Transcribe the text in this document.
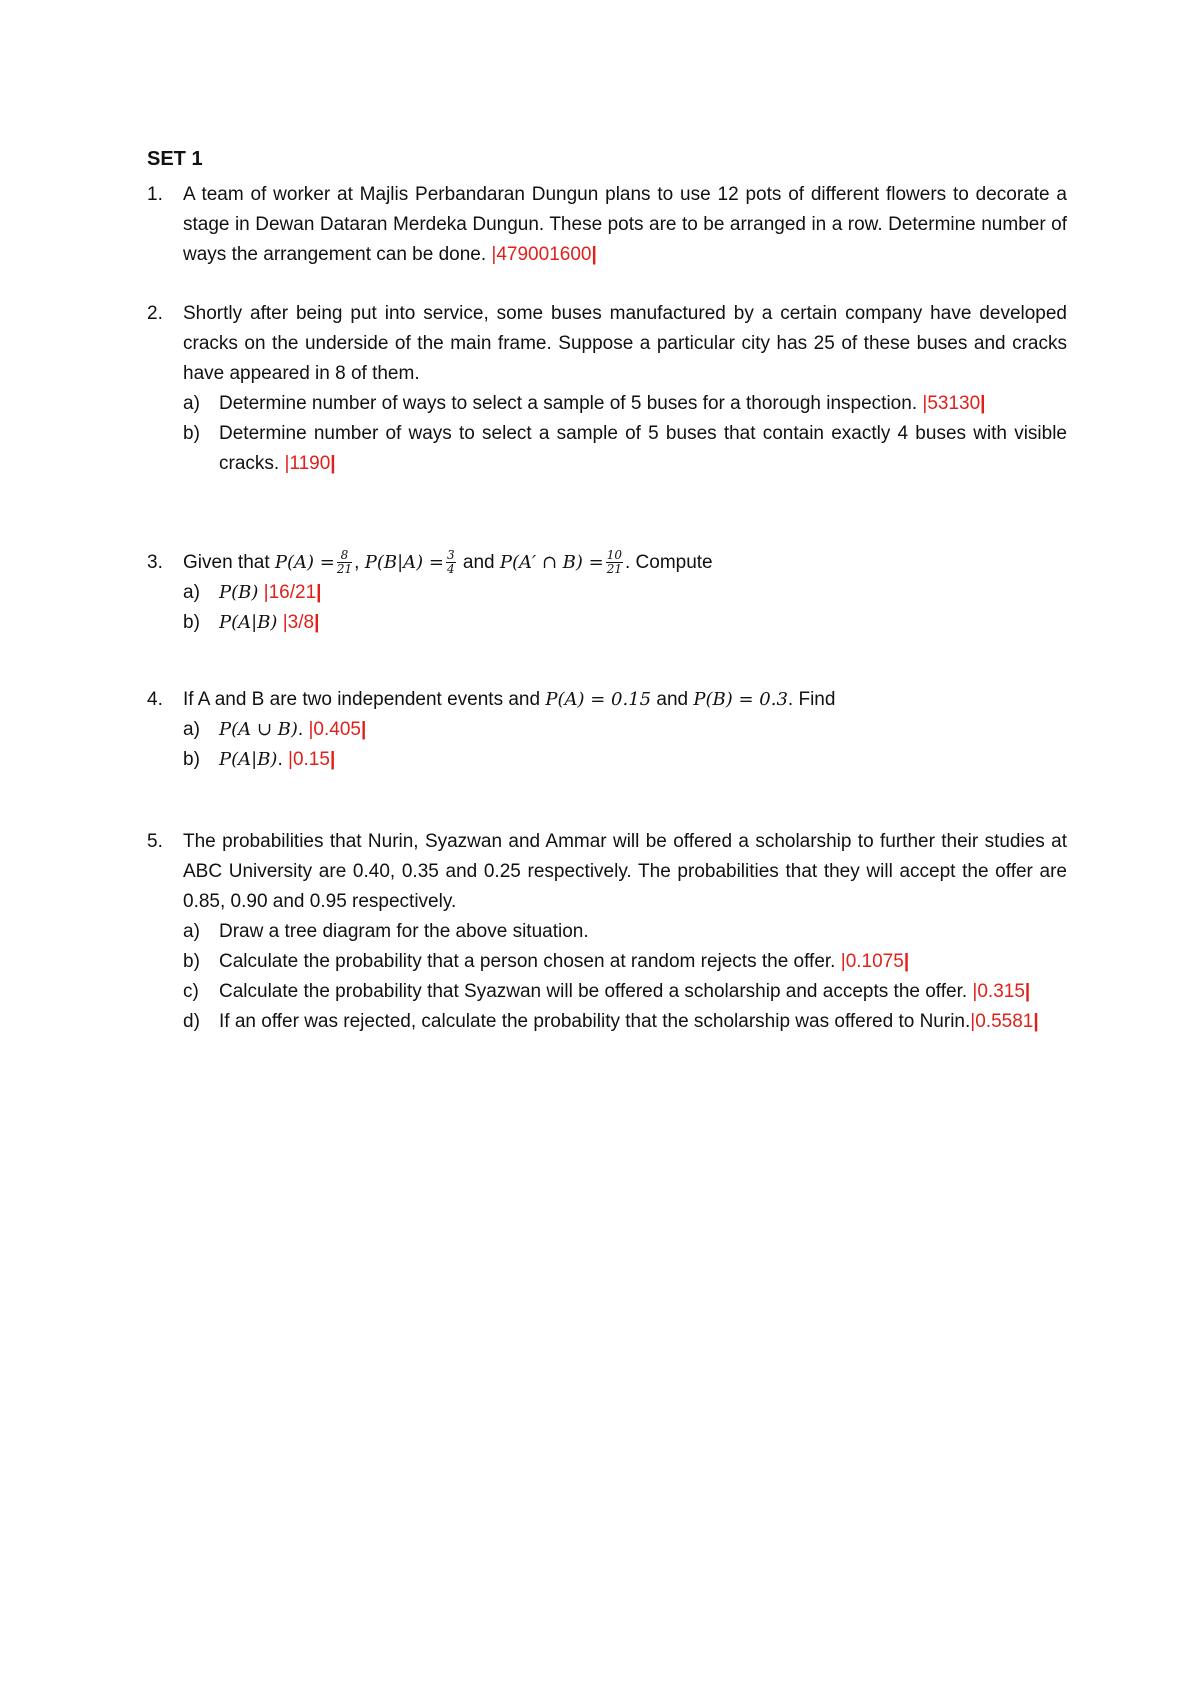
SET 1
1.	A team of worker at Majlis Perbandaran Dungun plans to use 12 pots of different flowers to decorate a stage in Dewan Dataran Merdeka Dungun. These pots are to be arranged in a row. Determine number of ways the arrangement can be done. | 479001600 |
2.	Shortly after being put into service, some buses manufactured by a certain company have developed cracks on the underside of the main frame. Suppose a particular city has 25 of these buses and cracks have appeared in 8 of them.
a)	Determine number of ways to select a sample of 5 buses for a thorough inspection. | 53130 |
b)	Determine number of ways to select a sample of 5 buses that contain exactly 4 buses with visible cracks. | 1190 |
3.	Given that $P(A) = \frac{8}{21}$ , $P(B|A) = \frac{3}{4}$ and P(A′ ∩ $B) = \frac{10}{21}$ . Compute
a)	P(B) | 16/21 |
b)	P(A|B) | 3/8 |
4.	If A and B are two independent events and P(A) = 0.15 and P(B) = 0.3. Find
a)	P(A ∪ B). | 0.405 |
b)	P(A|B). | 0.15 |
5.	The probabilities that Nurin, Syazwan and Ammar will be offered a scholarship to further their studies at ABC University are 0.40, 0.35 and 0.25 respectively. The probabilities that they will accept the offer are 0.85, 0.90 and 0.95 respectively.
a)	Draw a tree diagram for the above situation.
b)	Calculate the probability that a person chosen at random rejects the offer. | 0.1075 |
c)	Calculate the probability that Syazwan will be offered a scholarship and accepts the offer. | 0.315 |
d)	If an offer was rejected, calculate the probability that the scholarship was offered to Nurin. | 0.5581 |
